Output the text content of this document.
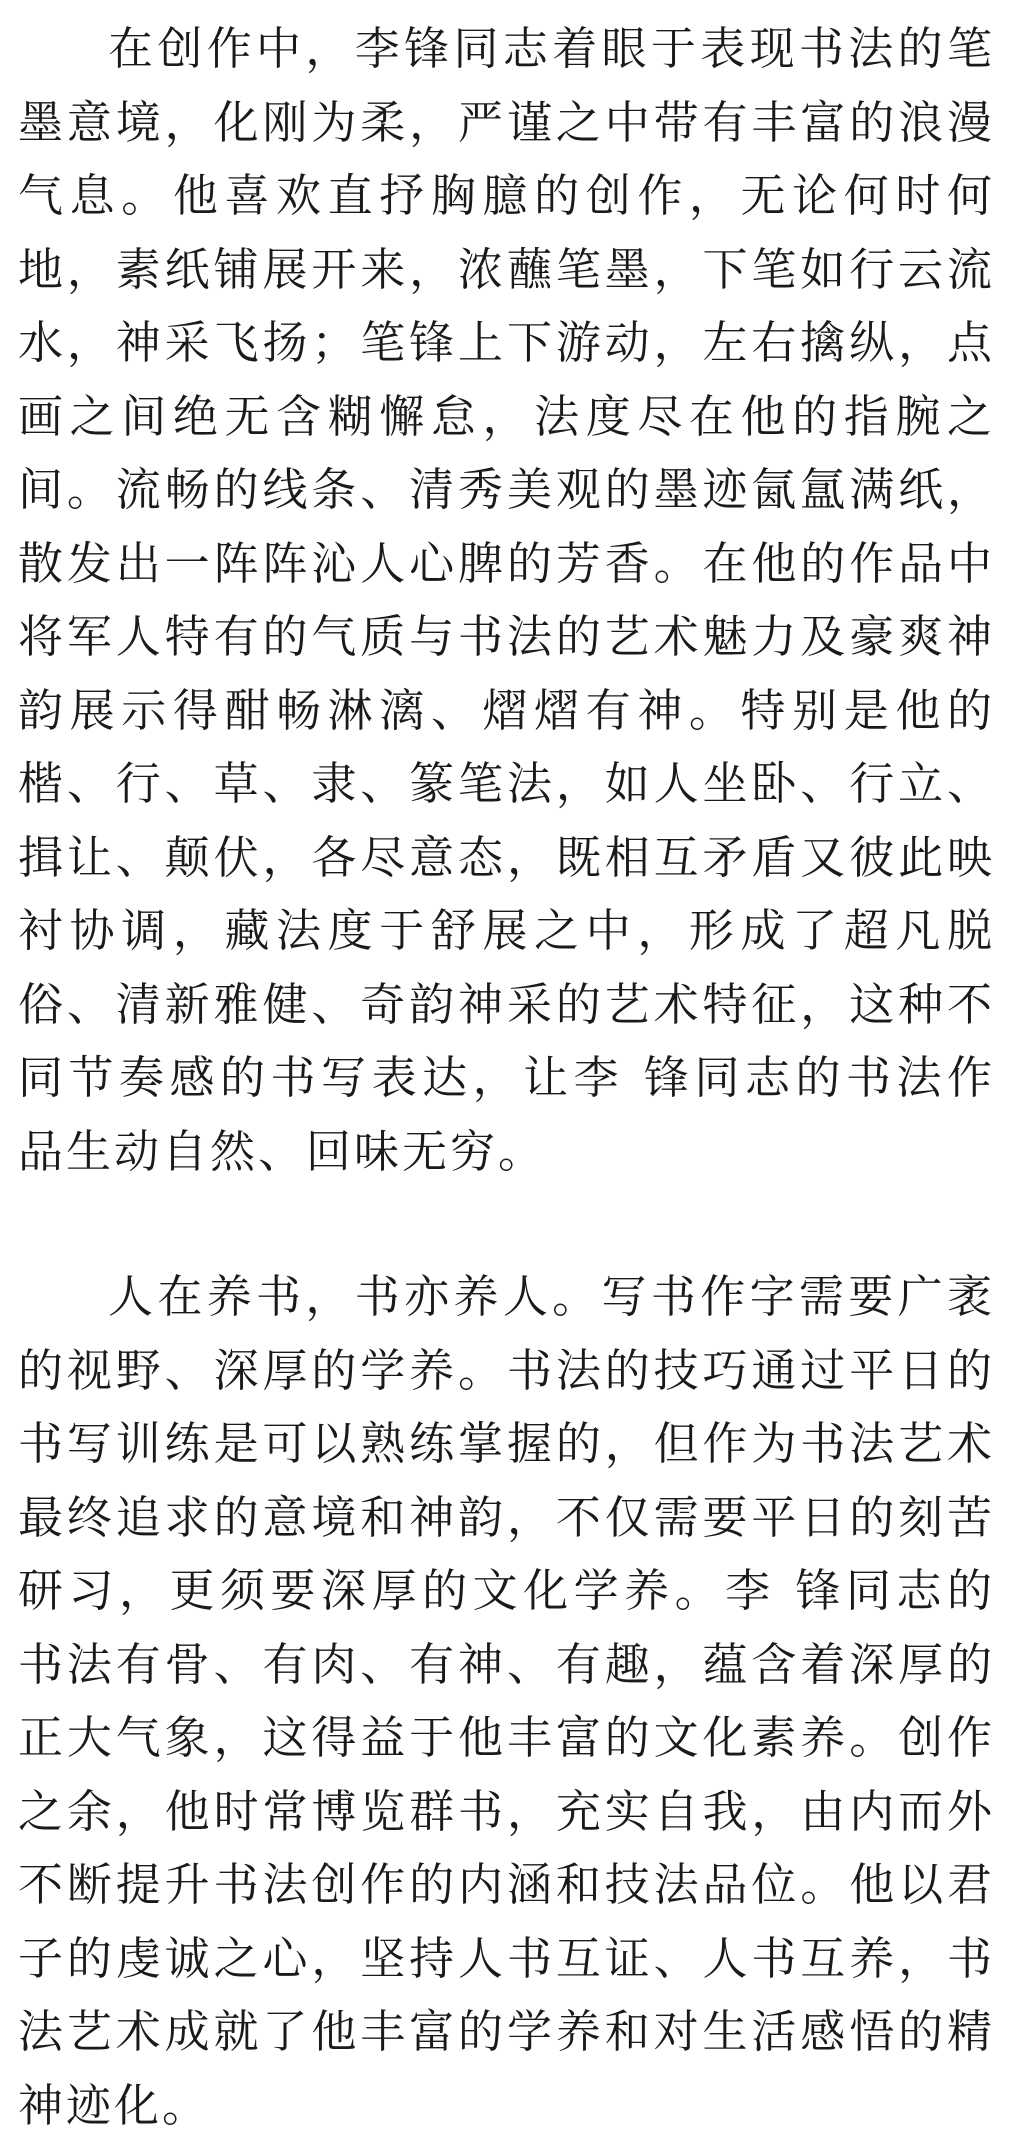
在创作中，李锋同志着眼于表现书法的笔墨意境，化刚为柔，严谨之中带有丰富的浪漫气息。他喜欢直抒胸臆的创作，无论何时何地，素纸铺展开来，浓蘸笔墨，下笔如行云流水，神采飞扬；笔锋上下游动，左右擒纵，点画之间绝无含糊懈怠，法度尽在他的指腕之间。流畅的线条、清秀美观的墨迹氤氲满纸，散发出一阵阵沁人心脾的芳香。在他的作品中将军人特有的气质与书法的艺术魅力及豪爽神韵展示得酣畅淋漓、熠熠有神。特别是他的楷、行、草、隶、篆笔法，如人坐卧、行立、揖让、颠伏，各尽意态，既相互矛盾又彼此映衬协调，藏法度于舒展之中，形成了超凡脱俗、清新雅健、奇韵神采的艺术特征，这种不同节奏感的书写表达，让李 锋同志的书法作品生动自然、回味无穷。

人在养书，书亦养人。写书作字需要广袤的视野、深厚的学养。书法的技巧通过平日的书写训练是可以熟练掌握的，但作为书法艺术最终追求的意境和神韵，不仅需要平日的刻苦研习，更须要深厚的文化学养。李 锋同志的书法有骨、有肉、有神、有趣，蕴含着深厚的正大气象，这得益于他丰富的文化素养。创作之余，他时常博览群书，充实自我，由内而外不断提升书法创作的内涵和技法品位。他以君子的虔诚之心，坚持人书互证、人书互养，书法艺术成就了他丰富的学养和对生活感悟的精神迹化。
